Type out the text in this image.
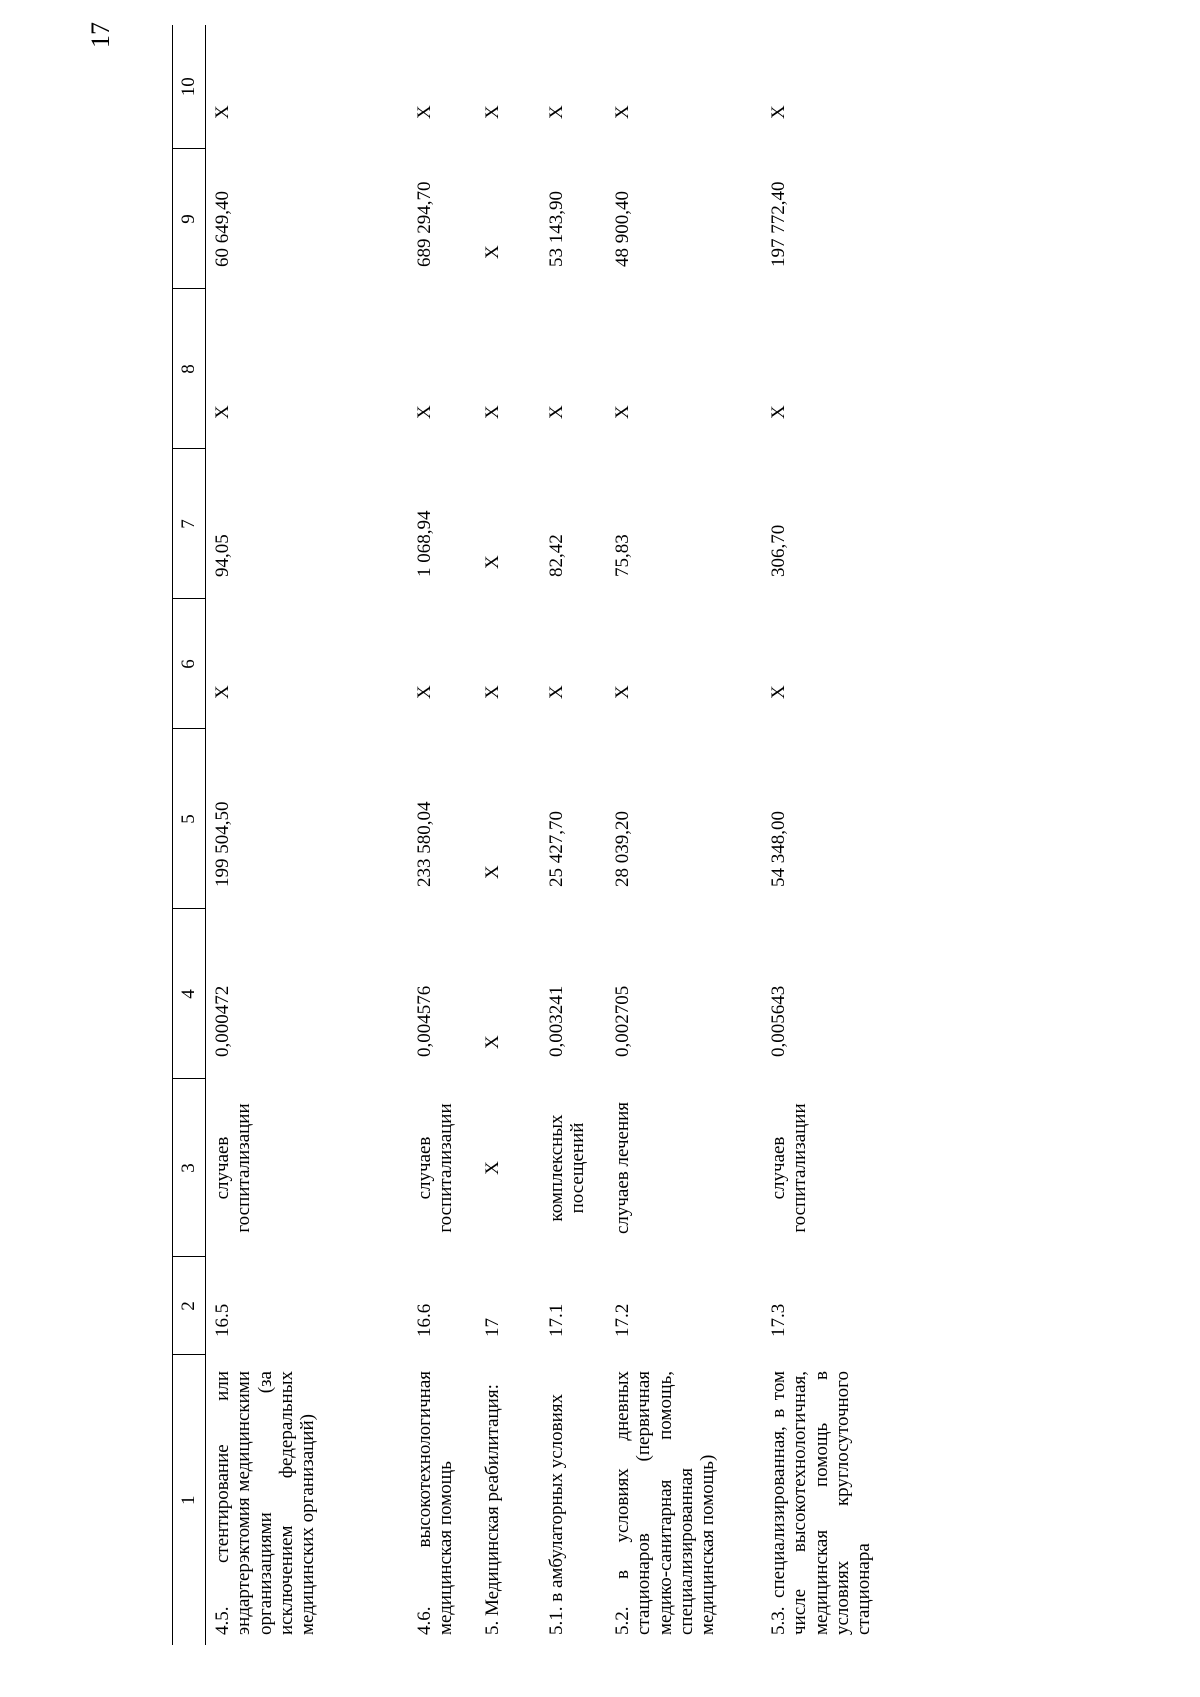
17
1	2	3	4	5	6	7	8	9	10
4.5. стентирование или эндартерэктомия медицинскими организациями (за исключением федеральных медицинских организаций)	16.5	случаев госпитализации	0,000472	199 504,50	X	94,05	X	60 649,40	X
4.6. высокотехнологичная медицинская помощь	16.6	случаев госпитализации	0,004576	233 580,04	X	1 068,94	X	689 294,70	X
5. Медицинская реабилитация:	17	X	X	X	X	X	X	X	X
5.1. в амбулаторных условиях	17.1	комплексных посещений	0,003241	25 427,70	X	82,42	X	53 143,90	X
5.2. в условиях дневных стационаров (первичная медико-санитарная помощь, специализированная медицинская помощь)	17.2	случаев лечения	0,002705	28 039,20	X	75,83	X	48 900,40	X
5.3. специализированная, в том числе высокотехнологичная, медицинская помощь в условиях круглосуточного стационара	17.3	случаев госпитализации	0,005643	54 348,00	X	306,70	X	197 772,40	X
